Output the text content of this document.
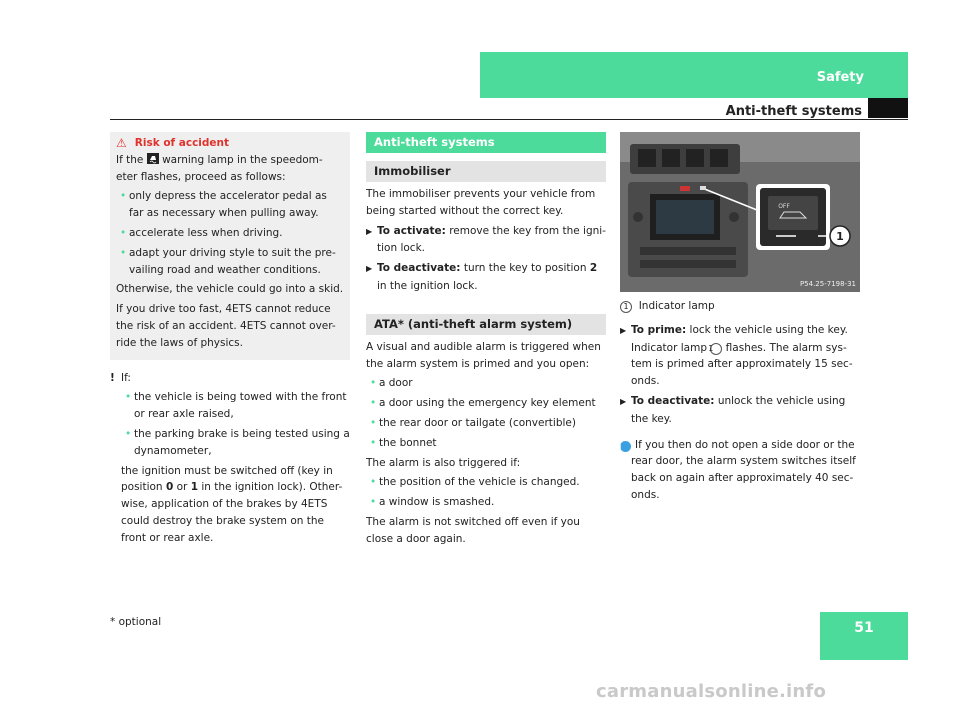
Safety
Anti-theft systems
⚠ Risk of accident

If the warning lamp in the speedom-eter flashes, proceed as follows:

• only depress the accelerator pedal as far as necessary when pulling away.
• accelerate less when driving.
• adapt your driving style to suit the pre-vailing road and weather conditions.

Otherwise, the vehicle could go into a skid.

If you drive too fast, 4ETS cannot reduce the risk of an accident. 4ETS cannot over-ride the laws of physics.

! If:

• the vehicle is being towed with the front or rear axle raised,
• the parking brake is being tested using a dynamometer,

the ignition must be switched off (key in position 0 or 1 in the ignition lock). Other-wise, application of the brakes by 4ETS could destroy the brake system on the front or rear axle.

Anti-theft systems
Immobiliser

The immobiliser prevents your vehicle from being started without the correct key.

▶ To activate: remove the key from the igni-tion lock.
▶ To deactivate: turn the key to position 2 in the ignition lock.
ATA* (anti-theft alarm system)

A visual and audible alarm is triggered when the alarm system is primed and you open:

• a door
• a door using the emergency key element
• the rear door or tailgate (convertible)
• the bonnet

The alarm is also triggered if:

• the position of the vehicle is changed.
• a window is smashed.

The alarm is not switched off even if you close a door again.

1
OFF
P54.25-7198-31

1 Indicator lamp

▶ To prime: lock the vehicle using the key. Indicator lamp 1 flashes. The alarm sys-tem is primed after approximately 15 sec-onds.
▶ To deactivate: unlock the vehicle using the key.
i If you then do not open a side door or the rear door, the alarm system switches itself back on again after approximately 40 sec-onds.
* optional	51
carmanualsonline.info
